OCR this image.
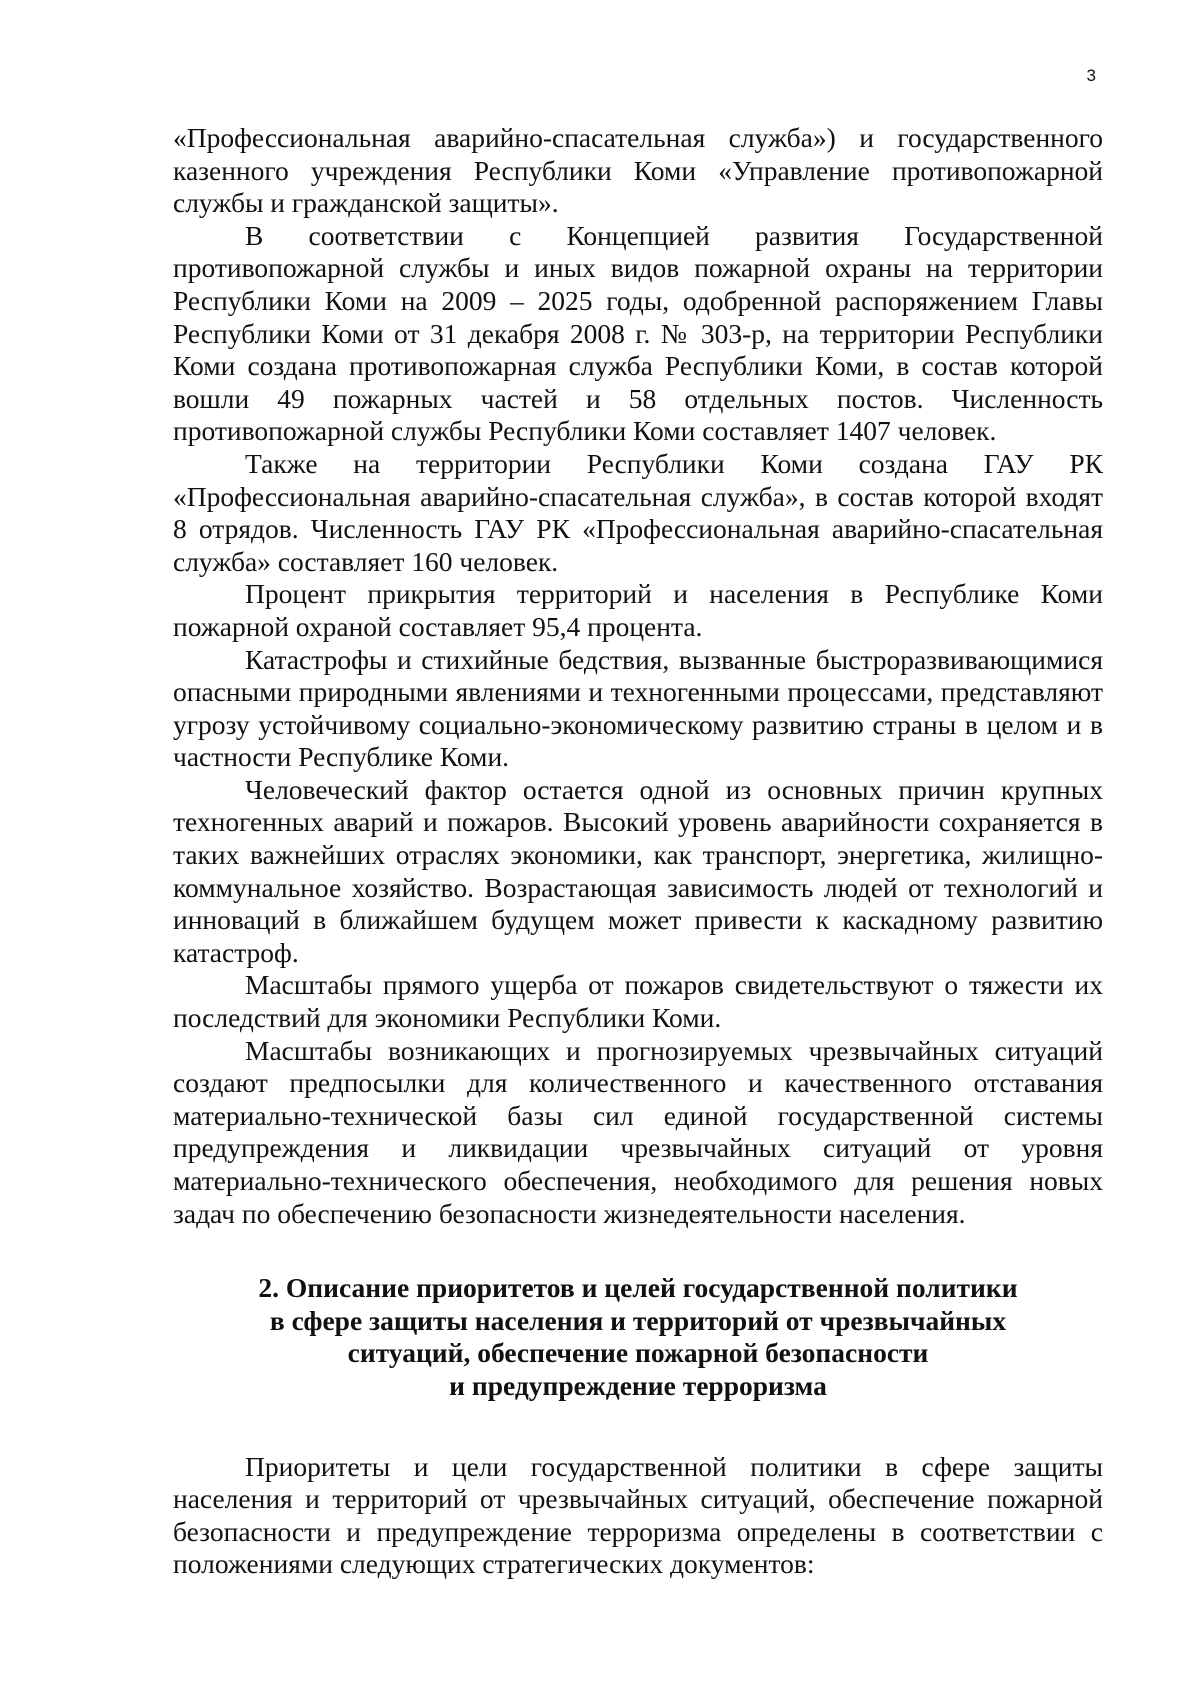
3

«Профессиональная аварийно-спасательная служба») и государственного казенного учреждения Республики Коми «Управление противопожарной службы и гражданской защиты».

В соответствии с Концепцией развития Государственной противопожарной службы и иных видов пожарной охраны на территории Республики Коми на 2009 – 2025 годы, одобренной распоряжением Главы Республики Коми от 31 декабря 2008 г. № 303-р, на территории Республики Коми создана противопожарная служба Республики Коми, в состав которой вошли 49 пожарных частей и 58 отдельных постов. Численность противопожарной службы Республики Коми составляет 1407 человек.

Также на территории Республики Коми создана ГАУ РК «Профессиональная аварийно-спасательная служба», в состав которой входят 8 отрядов. Численность ГАУ РК «Профессиональная аварийно-спасательная служба» составляет 160 человек.

Процент прикрытия территорий и населения в Республике Коми пожарной охраной составляет 95,4 процента.

Катастрофы и стихийные бедствия, вызванные быстроразвивающимися опасными природными явлениями и техногенными процессами, представляют угрозу устойчивому социально-экономическому развитию страны в целом и в частности Республике Коми.

Человеческий фактор остается одной из основных причин крупных техногенных аварий и пожаров. Высокий уровень аварийности сохраняется в таких важнейших отраслях экономики, как транспорт, энергетика, жилищно-коммунальное хозяйство. Возрастающая зависимость людей от технологий и инноваций в ближайшем будущем может привести к каскадному развитию катастроф.

Масштабы прямого ущерба от пожаров свидетельствуют о тяжести их последствий для экономики Республики Коми.

Масштабы возникающих и прогнозируемых чрезвычайных ситуаций создают предпосылки для количественного и качественного отставания материально-технической базы сил единой государственной системы предупреждения и ликвидации чрезвычайных ситуаций от уровня материально-технического обеспечения, необходимого для решения новых задач по обеспечению безопасности жизнедеятельности населения.

2. Описание приоритетов и целей государственной политики
в сфере защиты населения и территорий от чрезвычайных
ситуаций, обеспечение пожарной безопасности
и предупреждение терроризма

Приоритеты и цели государственной политики в сфере защиты населения и территорий от чрезвычайных ситуаций, обеспечение пожарной безопасности и предупреждение терроризма определены в соответствии с положениями следующих стратегических документов:
